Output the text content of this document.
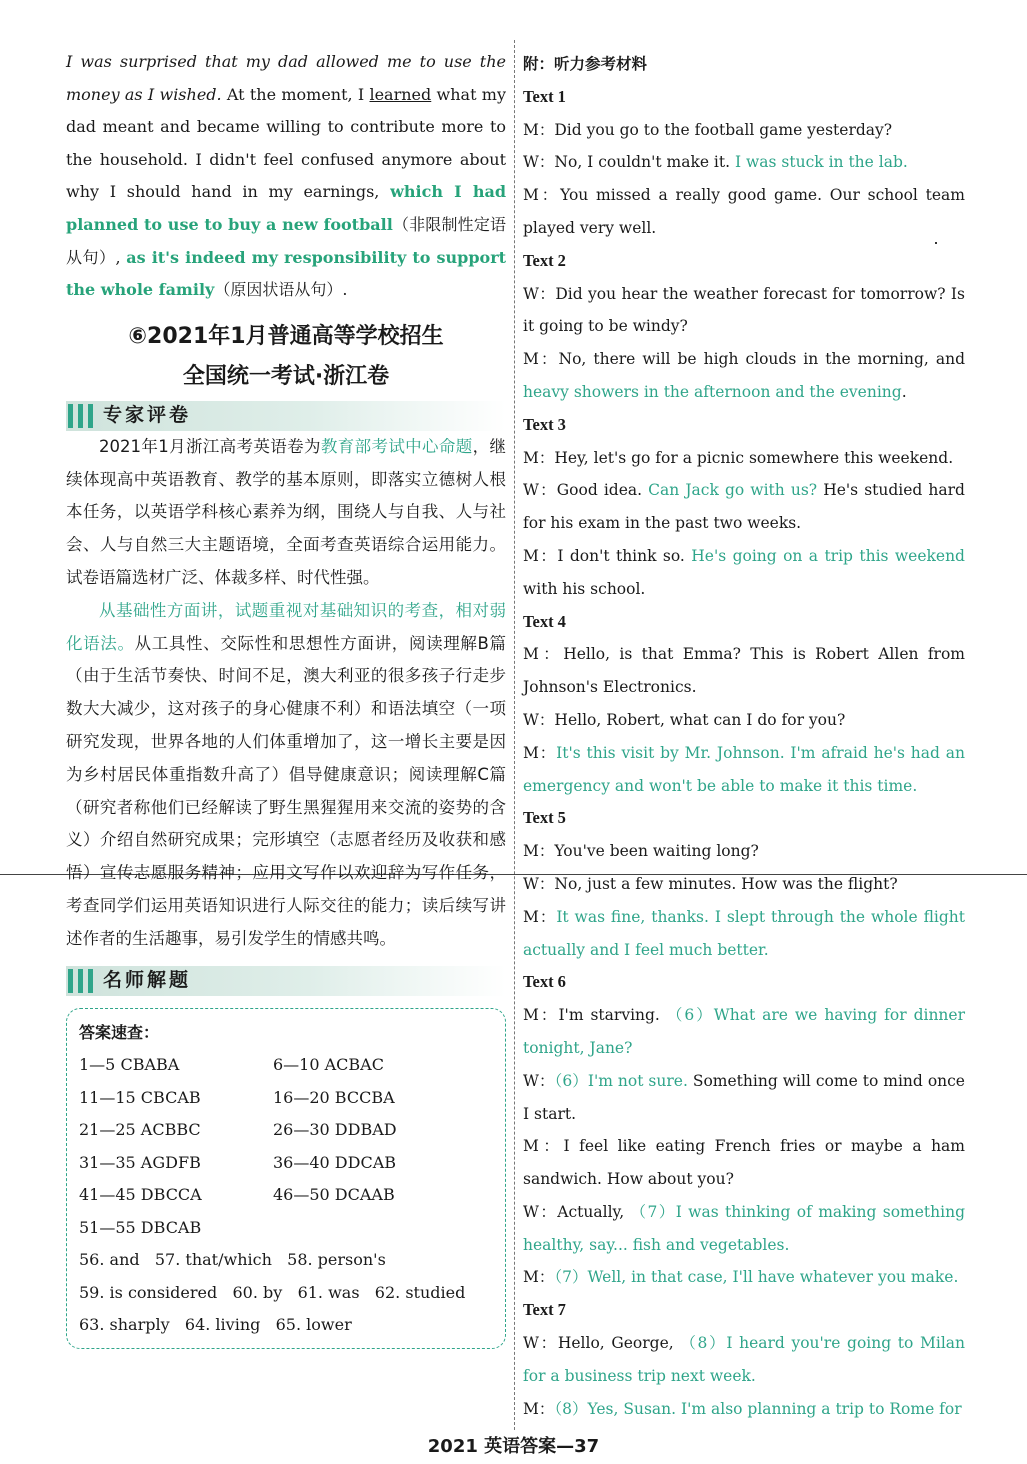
I was surprised that my dad allowed me to use the money as I wished. At the moment, I learned what my dad meant and became willing to contribute more to the household. I didn't feel confused anymore about why I should hand in my earnings, which I had planned to use to buy a new football（非限制性定语从句）, as it's indeed my responsibility to support the whole family（原因状语从句）.

⑥2021年1月普通高等学校招生
全国统一考试·浙江卷
专家评卷

2021年1月浙江高考英语卷为教育部考试中心命题，继续体现高中英语教育、教学的基本原则，即落实立德树人根本任务，以英语学科核心素养为纲，围绕人与自我、人与社会、人与自然三大主题语境，全面考查英语综合运用能力。试卷语篇选材广泛、体裁多样、时代性强。

从基础性方面讲，试题重视对基础知识的考查，相对弱化语法。从工具性、交际性和思想性方面讲，阅读理解B篇（由于生活节奏快、时间不足，澳大利亚的很多孩子行走步数大大减少，这对孩子的身心健康不利）和语法填空（一项研究发现，世界各地的人们体重增加了，这一增长主要是因为乡村居民体重指数升高了）倡导健康意识；阅读理解C篇（研究者称他们已经解读了野生黑猩猩用来交流的姿势的含义）介绍自然研究成果；完形填空（志愿者经历及收获和感悟）宣传志愿服务精神；应用文写作以欢迎辞为写作任务，考查同学们运用英语知识进行人际交往的能力；读后续写讲述作者的生活趣事，易引发学生的情感共鸣。

名师解题
答案速查：
1—5 CBABA	6—10 ACBAC
11—15 CBCAB	16—20 BCCBA
21—25 ACBBC	26—30 DDBAD
31—35 AGDFB	36—40 DDCAB
41—45 DBCCA	46—50 DCAAB
51—55 DBCAB
56. and   57. that/which   58. person's
59. is considered   60. by   61. was   62. studied
63. sharply   64. living   65. lower
附：听力参考材料
Text 1

M：Did you go to the football game yesterday?

W：No, I couldn't make it. I was stuck in the lab.

M：You missed a really good game. Our school team played very well.

Text 2

W：Did you hear the weather forecast for tomorrow? Is it going to be windy?

M：No, there will be high clouds in the morning, and heavy showers in the afternoon and the evening.

Text 3

M：Hey, let's go for a picnic somewhere this weekend.

W：Good idea. Can Jack go with us? He's studied hard for his exam in the past two weeks.

M：I don't think so. He's going on a trip this weekend with his school.

Text 4

M：Hello, is that Emma? This is Robert Allen from Johnson's Electronics.

W：Hello, Robert, what can I do for you?

M：It's this visit by Mr. Johnson. I'm afraid he's had an emergency and won't be able to make it this time.

Text 5

M：You've been waiting long?

W：No, just a few minutes. How was the flight?

M：It was fine, thanks. I slept through the whole flight actually and I feel much better.

Text 6

M：I'm starving. （6）What are we having for dinner tonight, Jane?

W：（6）I'm not sure. Something will come to mind once I start.

M：I feel like eating French fries or maybe a ham sandwich. How about you?

W：Actually, （7）I was thinking of making something healthy, say... fish and vegetables.

M：（7）Well, in that case, I'll have whatever you make.

Text 7

W：Hello, George, （8）I heard you're going to Milan for a business trip next week.

M：（8）Yes, Susan. I'm also planning a trip to Rome for

2021 英语答案—37
